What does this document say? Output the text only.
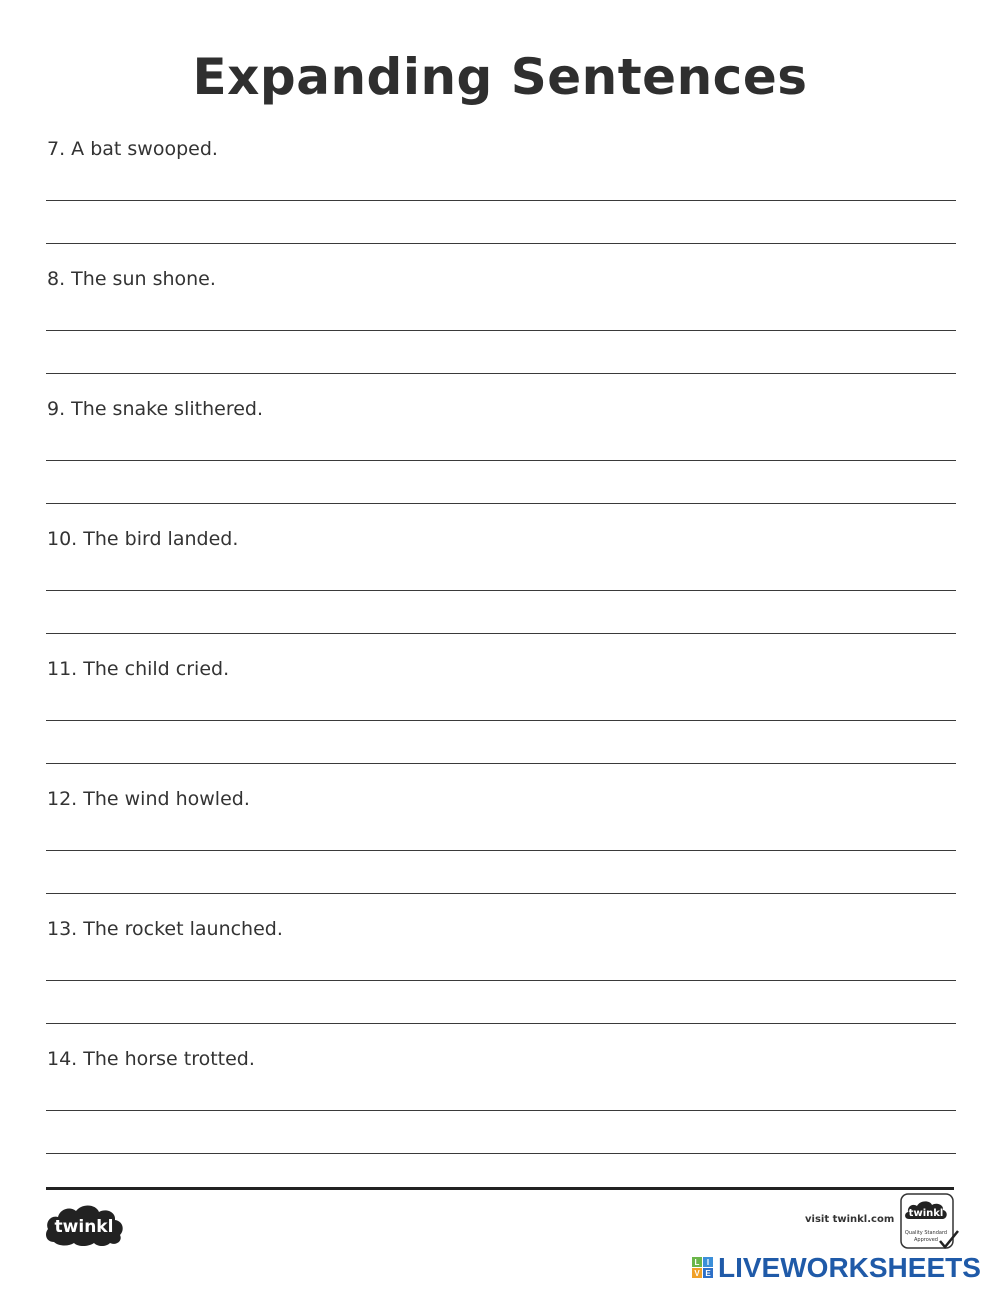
Expanding Sentences
7. A bat swooped.
8. The sun shone.
9. The snake slithered.
10. The bird landed.
11. The child cried.
12. The wind howled.
13. The rocket launched.
14. The horse trotted.
twinkl	visit twinkl.com
twinkl
Quality Standard
Approved
L I
V E LIVEWORKSHEETS
